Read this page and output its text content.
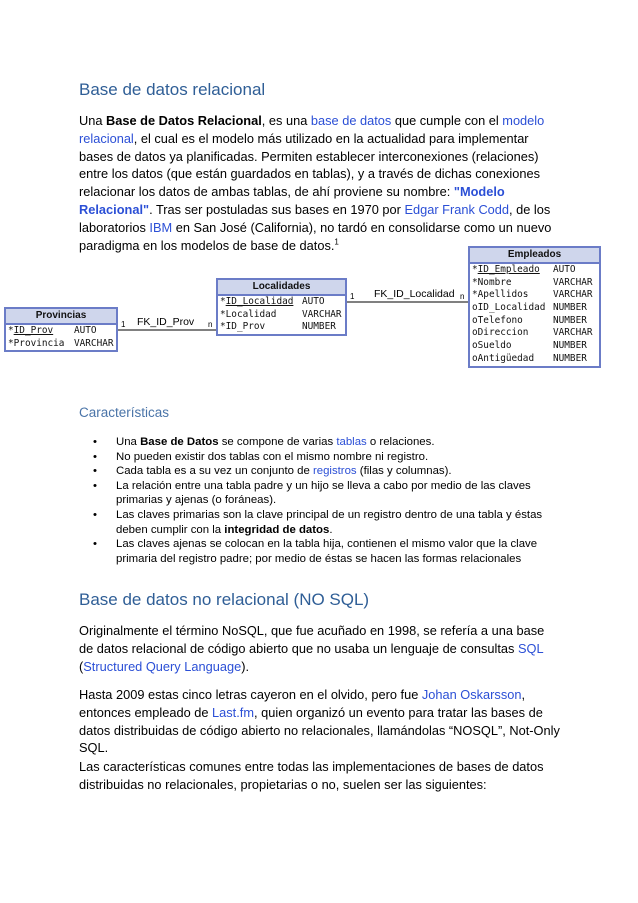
Base de datos relacional
Una Base de Datos Relacional, es una base de datos que cumple con el modelo relacional, el cual es el modelo más utilizado en la actualidad para implementar bases de datos ya planificadas. Permiten establecer interconexiones (relaciones) entre los datos (que están guardados en tablas), y a través de dichas conexiones relacionar los datos de ambas tablas, de ahí proviene su nombre: "Modelo Relacional". Tras ser postuladas sus bases en 1970 por Edgar Frank Codd, de los laboratorios IBM en San José (California), no tardó en consolidarse como un nuevo paradigma en los modelos de base de datos.$^1$
FK_ID_Prov
1	n
FK_ID_Localidad
1	n
Provincias
*ID_Prov AUTO
*Provincia VARCHAR
Localidades
*ID_Localidad AUTO
*Localidad	VARCHAR
*ID_Prov	NUMBER
Empleados
*ID_Empleado AUTO
*Nombre	VARCHAR
*Apellidos	VARCHAR
oID_Localidad NUMBER
oTelefono	NUMBER
oDireccion	VARCHAR
oSueldo	NUMBER
oAntigüedad NUMBER
Características
• Una Base de Datos se compone de varias tablas o relaciones.
• No pueden existir dos tablas con el mismo nombre ni registro.
• Cada tabla es a su vez un conjunto de registros (filas y columnas).
• La relación entre una tabla padre y un hijo se lleva a cabo por medio de las claves primarias y ajenas (o foráneas).
• Las claves primarias son la clave principal de un registro dentro de una tabla y éstas deben cumplir con la integridad de datos.
• Las claves ajenas se colocan en la tabla hija, contienen el mismo valor que la clave primaria del registro padre; por medio de éstas se hacen las formas relacionales
Base de datos no relacional (NO SQL)
Originalmente el término NoSQL, que fue acuñado en 1998, se refería a una base de datos relacional de código abierto que no usaba un lenguaje de consultas SQL (Structured Query Language).
Hasta 2009 estas cinco letras cayeron en el olvido, pero fue Johan Oskarsson, entonces empleado de Last.fm, quien organizó un evento para tratar las bases de datos distribuidas de código abierto no relacionales, llamándolas “NOSQL”, Not-Only SQL.
Las características comunes entre todas las implementaciones de bases de datos distribuidas no relacionales, propietarias o no, suelen ser las siguientes:
